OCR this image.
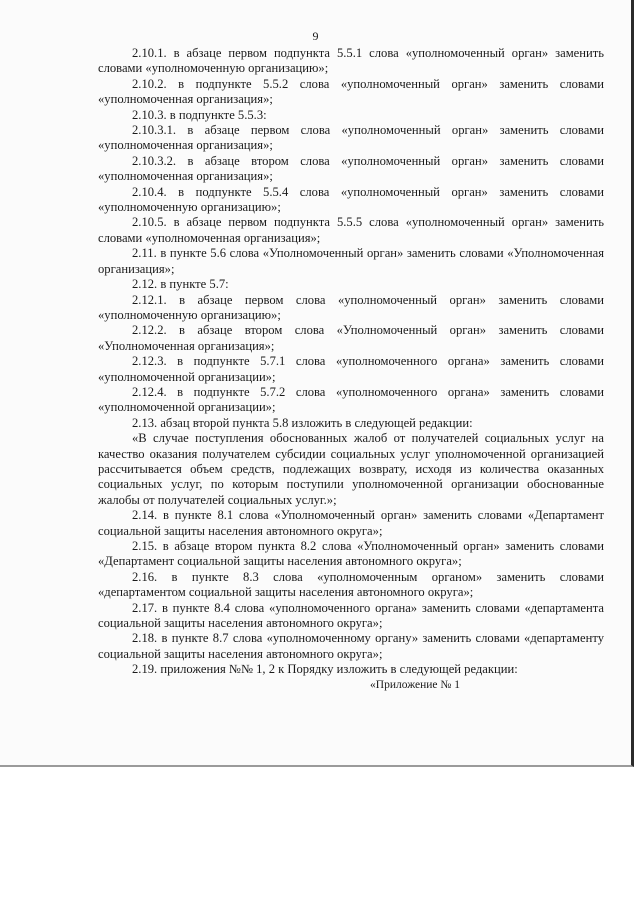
9

2.10.1. в абзаце первом подпункта 5.5.1 слова «уполномоченный орган» заменить словами «уполномоченную организацию»;

2.10.2. в подпункте 5.5.2 слова «уполномоченный орган» заменить словами «уполномоченная организация»;

2.10.3. в подпункте 5.5.3:

2.10.3.1. в абзаце первом слова «уполномоченный орган» заменить словами «уполномоченная организация»;

2.10.3.2. в абзаце втором слова «уполномоченный орган» заменить словами «уполномоченная организация»;

2.10.4. в подпункте 5.5.4 слова «уполномоченный орган» заменить словами «уполномоченную организацию»;

2.10.5. в абзаце первом подпункта 5.5.5 слова «уполномоченный орган» заменить словами «уполномоченная организация»;

2.11. в пункте 5.6 слова «Уполномоченный орган» заменить словами «Уполномоченная организация»;

2.12. в пункте 5.7:

2.12.1. в абзаце первом слова «уполномоченный орган» заменить словами «уполномоченную организацию»;

2.12.2. в абзаце втором слова «Уполномоченный орган» заменить словами «Уполномоченная организация»;

2.12.3. в подпункте 5.7.1 слова «уполномоченного органа» заменить словами «уполномоченной организации»;

2.12.4. в подпункте 5.7.2 слова «уполномоченного органа» заменить словами «уполномоченной организации»;

2.13. абзац второй пункта 5.8 изложить в следующей редакции:

«В случае поступления обоснованных жалоб от получателей социальных услуг на качество оказания получателем субсидии социальных услуг уполномоченной организацией рассчитывается объем средств, подлежащих возврату, исходя из количества оказанных социальных услуг, по которым поступили уполномоченной организации обоснованные жалобы от получателей социальных услуг.»;

2.14. в пункте 8.1 слова «Уполномоченный орган» заменить словами «Департамент социальной защиты населения автономного округа»;

2.15. в абзаце втором пункта 8.2 слова «Уполномоченный орган» заменить словами «Департамент социальной защиты населения автономного округа»;

2.16. в пункте 8.3 слова «уполномоченным органом» заменить словами «департаментом социальной защиты населения автономного округа»;

2.17. в пункте 8.4 слова «уполномоченного органа» заменить словами «департамента социальной защиты населения автономного округа»;

2.18. в пункте 8.7 слова «уполномоченному органу» заменить словами «департаменту социальной защиты населения автономного округа»;

2.19. приложения №№ 1, 2 к Порядку изложить в следующей редакции:

«Приложение № 1
